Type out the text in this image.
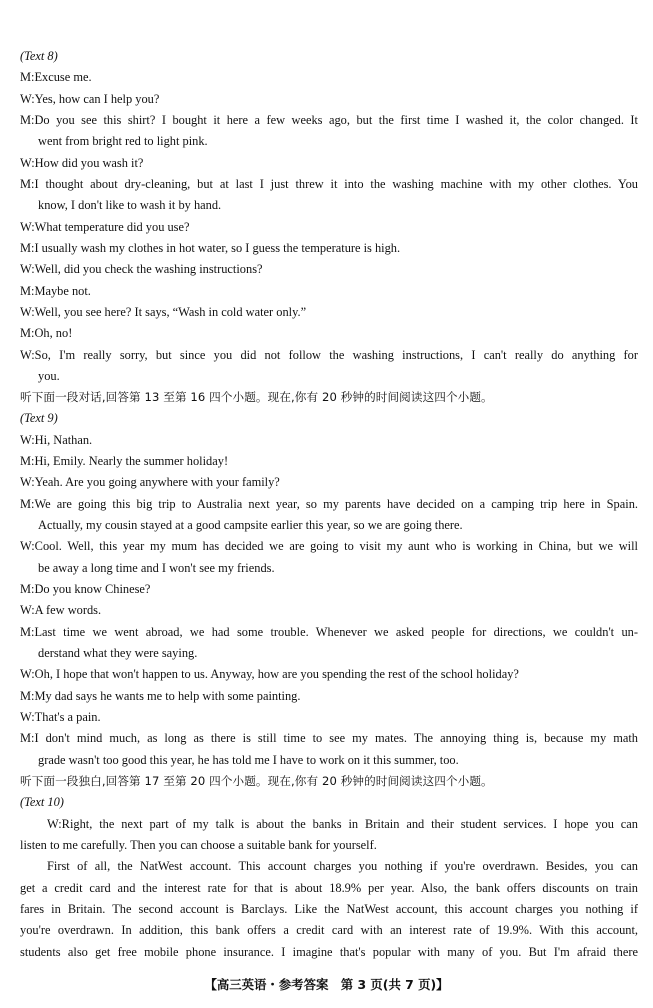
(Text 8)
M:Excuse me.
W:Yes, how can I help you?
M:Do you see this shirt? I bought it here a few weeks ago, but the first time I washed it, the color changed. It
went from bright red to light pink.
W:How did you wash it?
M:I thought about dry-cleaning, but at last I just threw it into the washing machine with my other clothes. You
know, I don't like to wash it by hand.
W:What temperature did you use?
M:I usually wash my clothes in hot water, so I guess the temperature is high.
W:Well, did you check the washing instructions?
M:Maybe not.
W:Well, you see here? It says, “Wash in cold water only.”
M:Oh, no!
W:So, I'm really sorry, but since you did not follow the washing instructions, I can't really do anything for
you.
听下面一段对话,回答第 13 至第 16 四个小题。现在,你有 20 秒钟的时间阅读这四个小题。
(Text 9)
W:Hi, Nathan.
M:Hi, Emily. Nearly the summer holiday!
W:Yeah. Are you going anywhere with your family?
M:We are going this big trip to Australia next year, so my parents have decided on a camping trip here in Spain.
Actually, my cousin stayed at a good campsite earlier this year, so we are going there.
W:Cool. Well, this year my mum has decided we are going to visit my aunt who is working in China, but we will
be away a long time and I won't see my friends.
M:Do you know Chinese?
W:A few words.
M:Last time we went abroad, we had some trouble. Whenever we asked people for directions, we couldn't un-
derstand what they were saying.
W:Oh, I hope that won't happen to us. Anyway, how are you spending the rest of the school holiday?
M:My dad says he wants me to help with some painting.
W:That's a pain.
M:I don't mind much, as long as there is still time to see my mates. The annoying thing is, because my math
grade wasn't too good this year, he has told me I have to work on it this summer, too.
听下面一段独白,回答第 17 至第 20 四个小题。现在,你有 20 秒钟的时间阅读这四个小题。
(Text 10)
W:Right, the next part of my talk is about the banks in Britain and their student services. I hope you can
listen to me carefully. Then you can choose a suitable bank for yourself.
First of all, the NatWest account. This account charges you nothing if you're overdrawn. Besides, you can
get a credit card and the interest rate for that is about 18.9% per year. Also, the bank offers discounts on train
fares in Britain. The second account is Barclays. Like the NatWest account, this account charges you nothing if
you're overdrawn. In addition, this bank offers a credit card with an interest rate of 19.9%. With this account,
students also get free mobile phone insurance. I imagine that's popular with many of you. But I'm afraid there
【高三英语・参考答案　第 3 页(共 7 页)】
